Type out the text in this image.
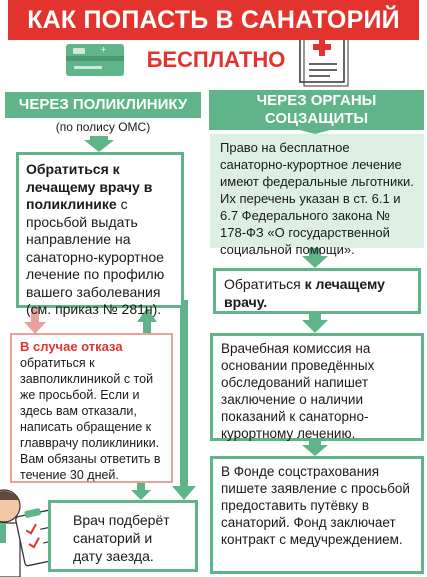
+
КАК ПОПАСТЬ В САНАТОРИЙ
БЕСПЛАТНО
ЧЕРЕЗ ПОЛИКЛИНИКУ
(по полису ОМС)
Обратиться к лечащему врачу в поликлинике с просьбой выдать направление на санаторно-курортное лечение по профилю вашего заболевания (см. приказ № 281н).
В случае отказа
обратиться к завполиклиникой с той же просьбой. Если и здесь вам отказали, написать обращение к главврачу поликлиники. Вам обязаны ответить в течение 30 дней.
Врач подберёт санаторий и дату заезда.
ЧЕРЕЗ ОРГАНЫ
СОЦЗАЩИТЫ
Право на бесплатное санаторно-курортное лечение имеют федеральные льготники. Их перечень указан в ст. 6.1 и 6.7 Федерального закона № 178-ФЗ «О государственной социальной помощи».
Обратиться к лечащему врачу.
Врачебная комиссия на основании проведённых обследований напишет заключение о наличии показаний к санаторно-курортному лечению.
В Фонде соцстрахования пишете заявление с просьбой предоставить путёвку в санаторий. Фонд заключает контракт с медучреждением.
